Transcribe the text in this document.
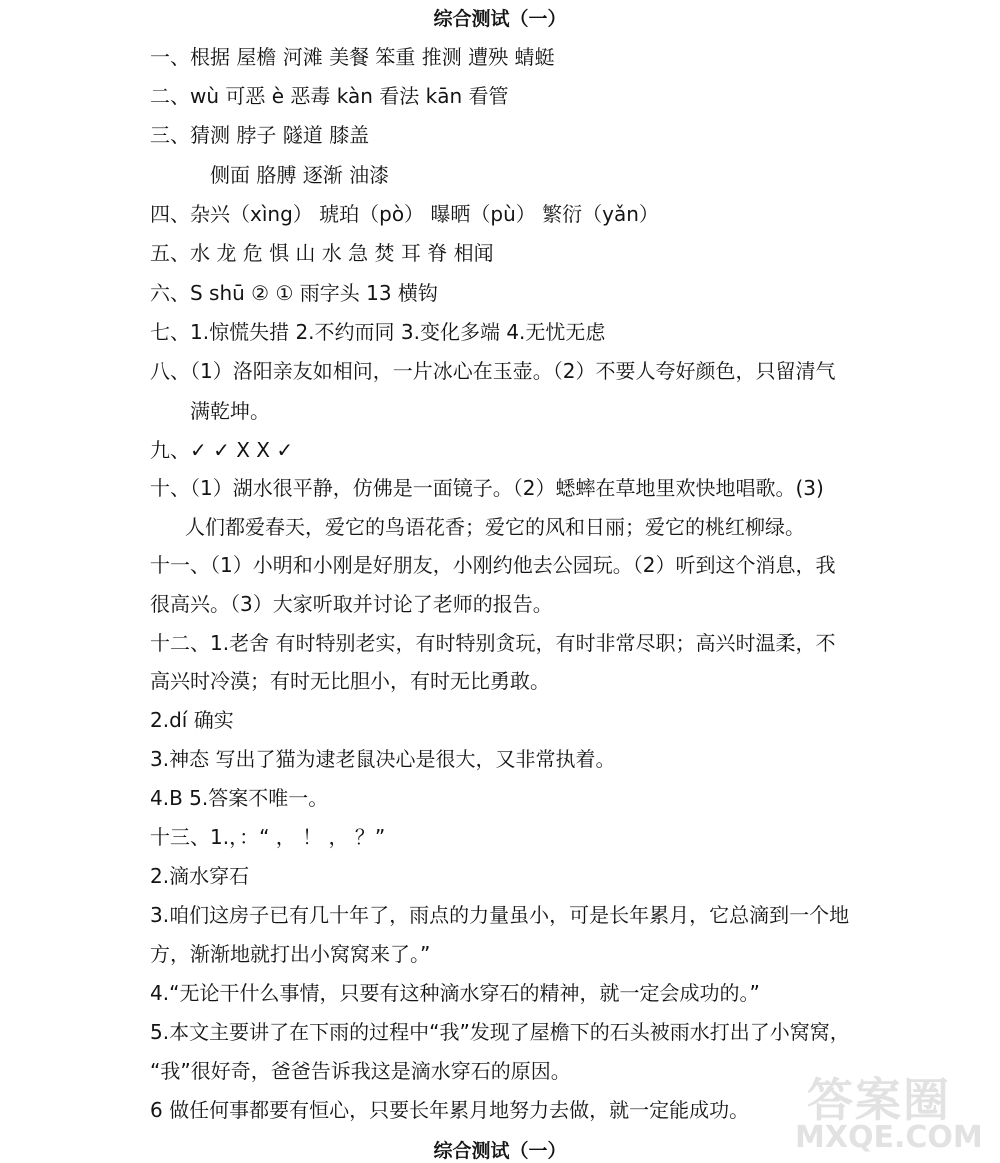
综合测试（一）
一、根据 屋檐 河滩 美餐 笨重 推测 遭殃 蜻蜓
二、wù 可恶 è 恶毒 kàn 看法 kān 看管
三、猜测 脖子 隧道 膝盖
侧面 胳膊 逐渐 油漆
四、杂兴（xìng） 琥珀（pò） 曝晒（pù） 繁衍（yǎn）
五、水 龙 危 惧 山 水 急 焚 耳 脊 相闻
六、S shū ② ① 雨字头 13 横钩
七、1.惊慌失措 2.不约而同 3.变化多端 4.无忧无虑
八、（1）洛阳亲友如相问，一片冰心在玉壶。（2）不要人夸好颜色，只留清气
满乾坤。
九、✓ ✓ X X ✓
十、（1）湖水很平静，仿佛是一面镜子。（2）蟋蟀在草地里欢快地唱歌。(3)
人们都爱春天，爱它的鸟语花香；爱它的风和日丽；爱它的桃红柳绿。
十一、（1）小明和小刚是好朋友，小刚约他去公园玩。（2）听到这个消息，我
很高兴。（3）大家听取并讨论了老师的报告。
十二、1.老舍 有时特别老实，有时特别贪玩，有时非常尽职；高兴时温柔，不
高兴时冷漠；有时无比胆小，有时无比勇敢。
2.dí 确实
3.神态 写出了猫为逮老鼠决心是很大，又非常执着。
4.B 5.答案不唯一。
十三、1.，：“ ， ！ ， ？”
2.滴水穿石
3.咱们这房子已有几十年了，雨点的力量虽小，可是长年累月，它总滴到一个地
方，渐渐地就打出小窝窝来了。”
4.“无论干什么事情，只要有这种滴水穿石的精神，就一定会成功的。”
5.本文主要讲了在下雨的过程中“我”发现了屋檐下的石头被雨水打出了小窝窝，
“我”很好奇，爸爸告诉我这是滴水穿石的原因。
6 做任何事都要有恒心，只要长年累月地努力去做，就一定能成功。 答案圈
MXQE.COM
综合测试（一）
